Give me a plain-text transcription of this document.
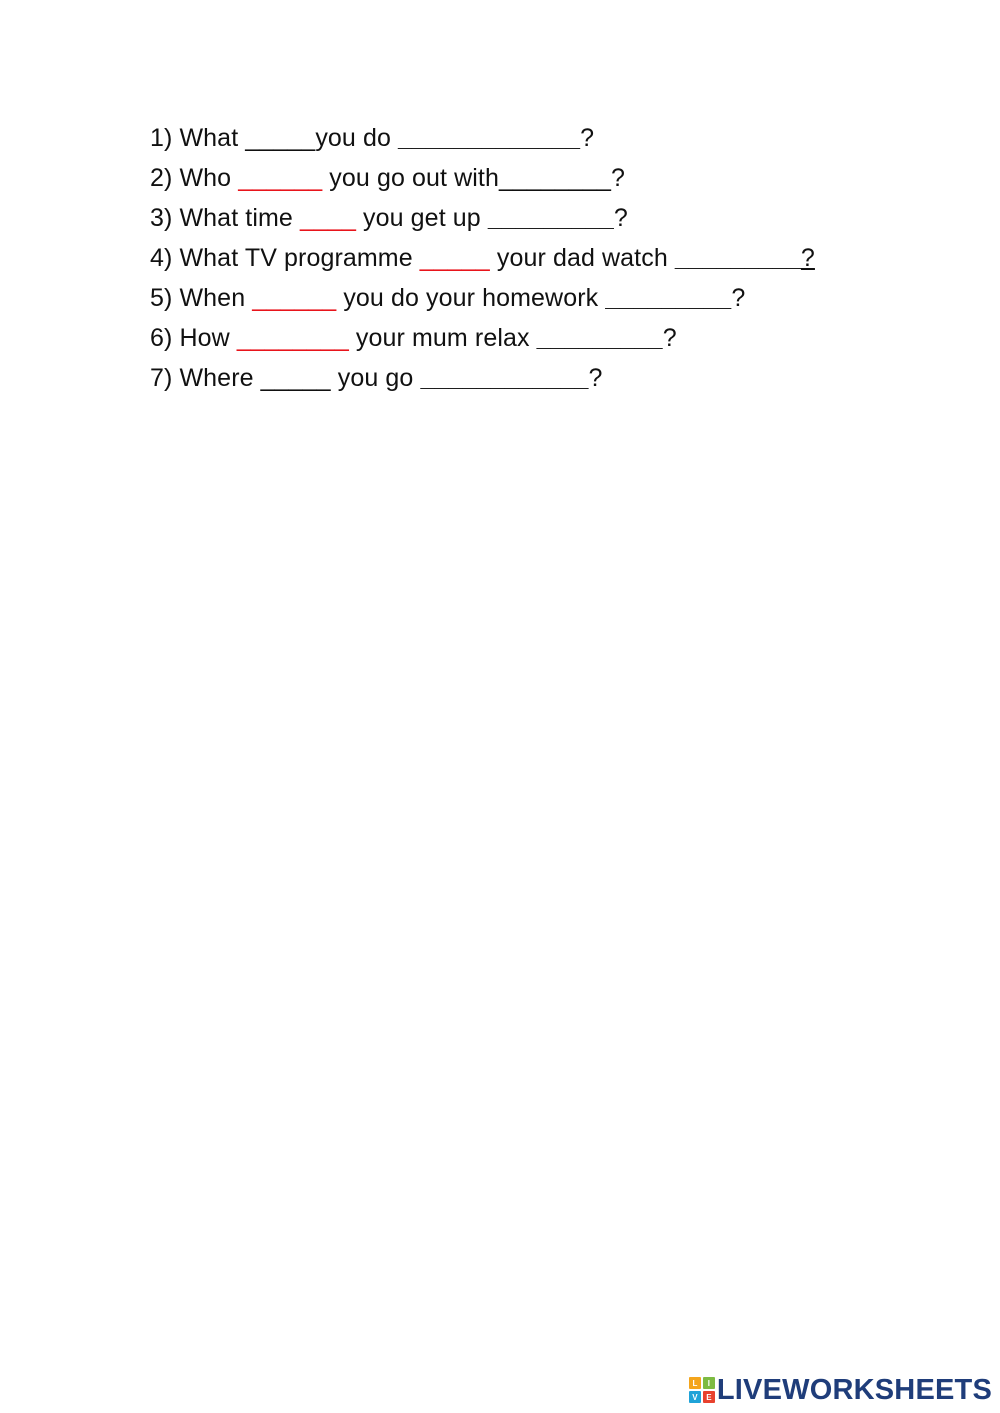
1) What _____you do _____________?
2) Who ______ you go out with________?
3) What time ____ you get up _________?
4) What TV programme _____ your dad watch _________?
5) When ______ you do your homework _________?
6) How ________ your mum relax _________?
7) Where _____ you go ____________?
L	I
V	E LIVEWORKSHEETS
